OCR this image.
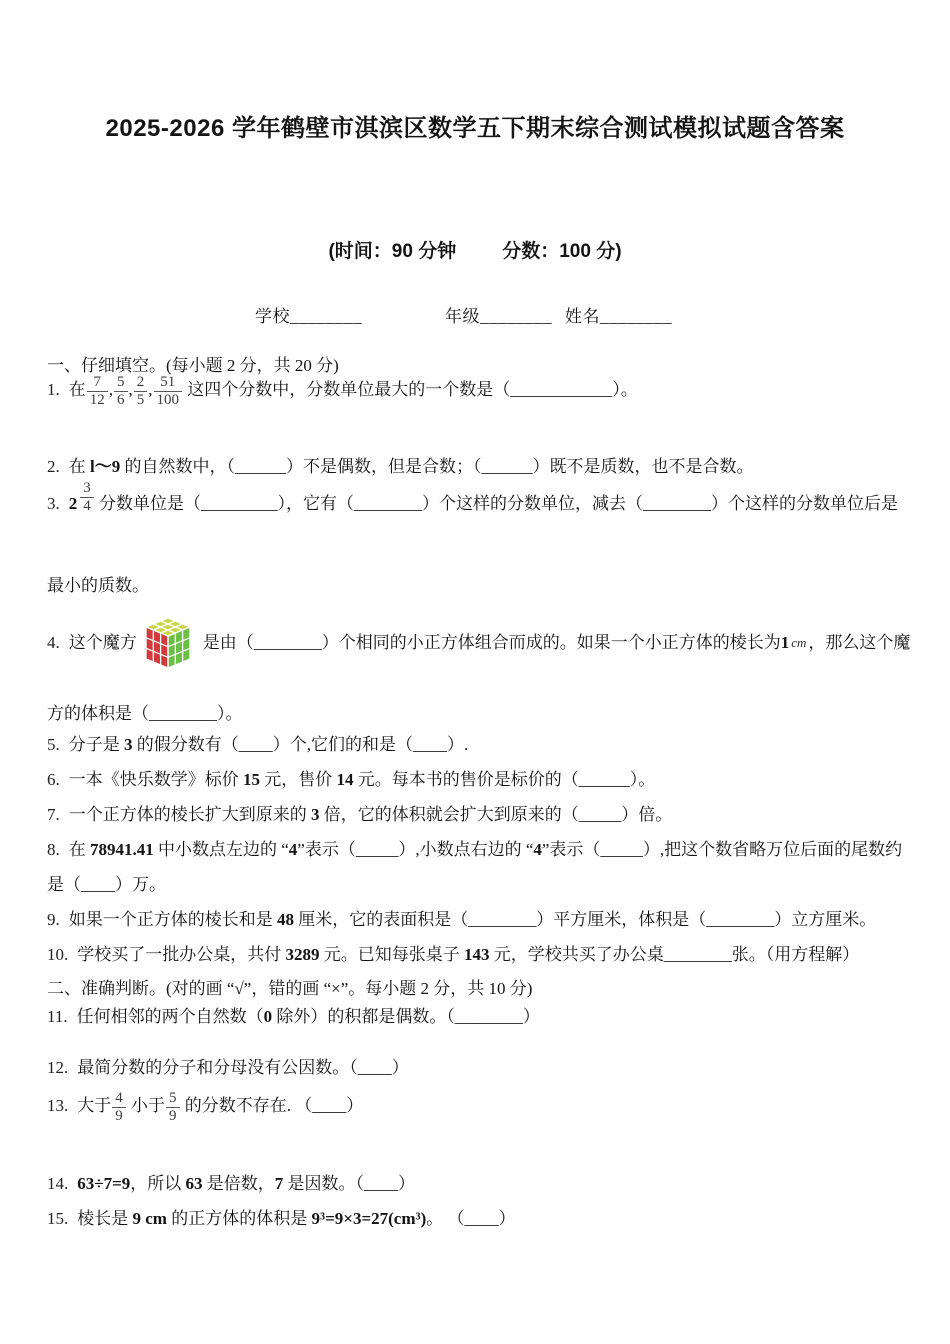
2025-2026 学年鹤壁市淇滨区数学五下期末综合测试模拟试题含答案
(时间：90 分钟 分数：100 分)
学校________	年级________ 姓名________
一、仔细填空。(每小题 2 分，共 20 分)
1. 在 $\frac{7}{12}$ , $\frac{5}{6}$ , $\frac{2}{5}$ , $\frac{51}{100}$ 这四个分数中，分数单位最大的一个数是（____________）。
2. 在 l～9 的自然数中，（______）不是偶数，但是合数；（______）既不是质数，也不是合数。
3. $2 \frac{3}{4}$ 分数单位是（_________），它有（________）个这样的分数单位，减去（________）个这样的分数单位后是
最小的质数。
4. 这个魔方	是由（________）个相同的小正方体组合而成的。如果一个小正方体的棱长为 1 cm ，那么这个魔
方的体积是（________）。
5. 分子是 3 的假分数有（____）个,它们的和是（____）.
6. 一本《快乐数学》标价 15 元，售价 14 元。每本书的售价是标价的（______）。
7. 一个正方体的棱长扩大到原来的 3 倍，它的体积就会扩大到原来的（_____）倍。
8. 在 78941.41 中小数点左边的 “4”表示（_____）,小数点右边的 “4”表示（_____）,把这个数省略万位后面的尾数约
是（____）万。
9. 如果一个正方体的棱长和是 48 厘米，它的表面积是（________）平方厘米，体积是（________）立方厘米。
10. 学校买了一批办公桌，共付 3289 元。已知每张桌子 143 元，学校共买了办公桌________张。（用方程解）
二、准确判断。(对的画 “√”，错的画 “×”。每小题 2 分，共 10 分)
11. 任何相邻的两个自然数（0 除外）的积都是偶数。（________）
12. 最简分数的分子和分母没有公因数。（____）
13. 大于 $\frac{4}{9}$ 小于 $\frac{5}{9}$ 的分数不存在. （____）
14. 63÷7=9，所以 63 是倍数，7 是因数。（____）
15. 棱长是 9 cm 的正方体的体积是 9³=9×3=27(cm³)。 （____）
